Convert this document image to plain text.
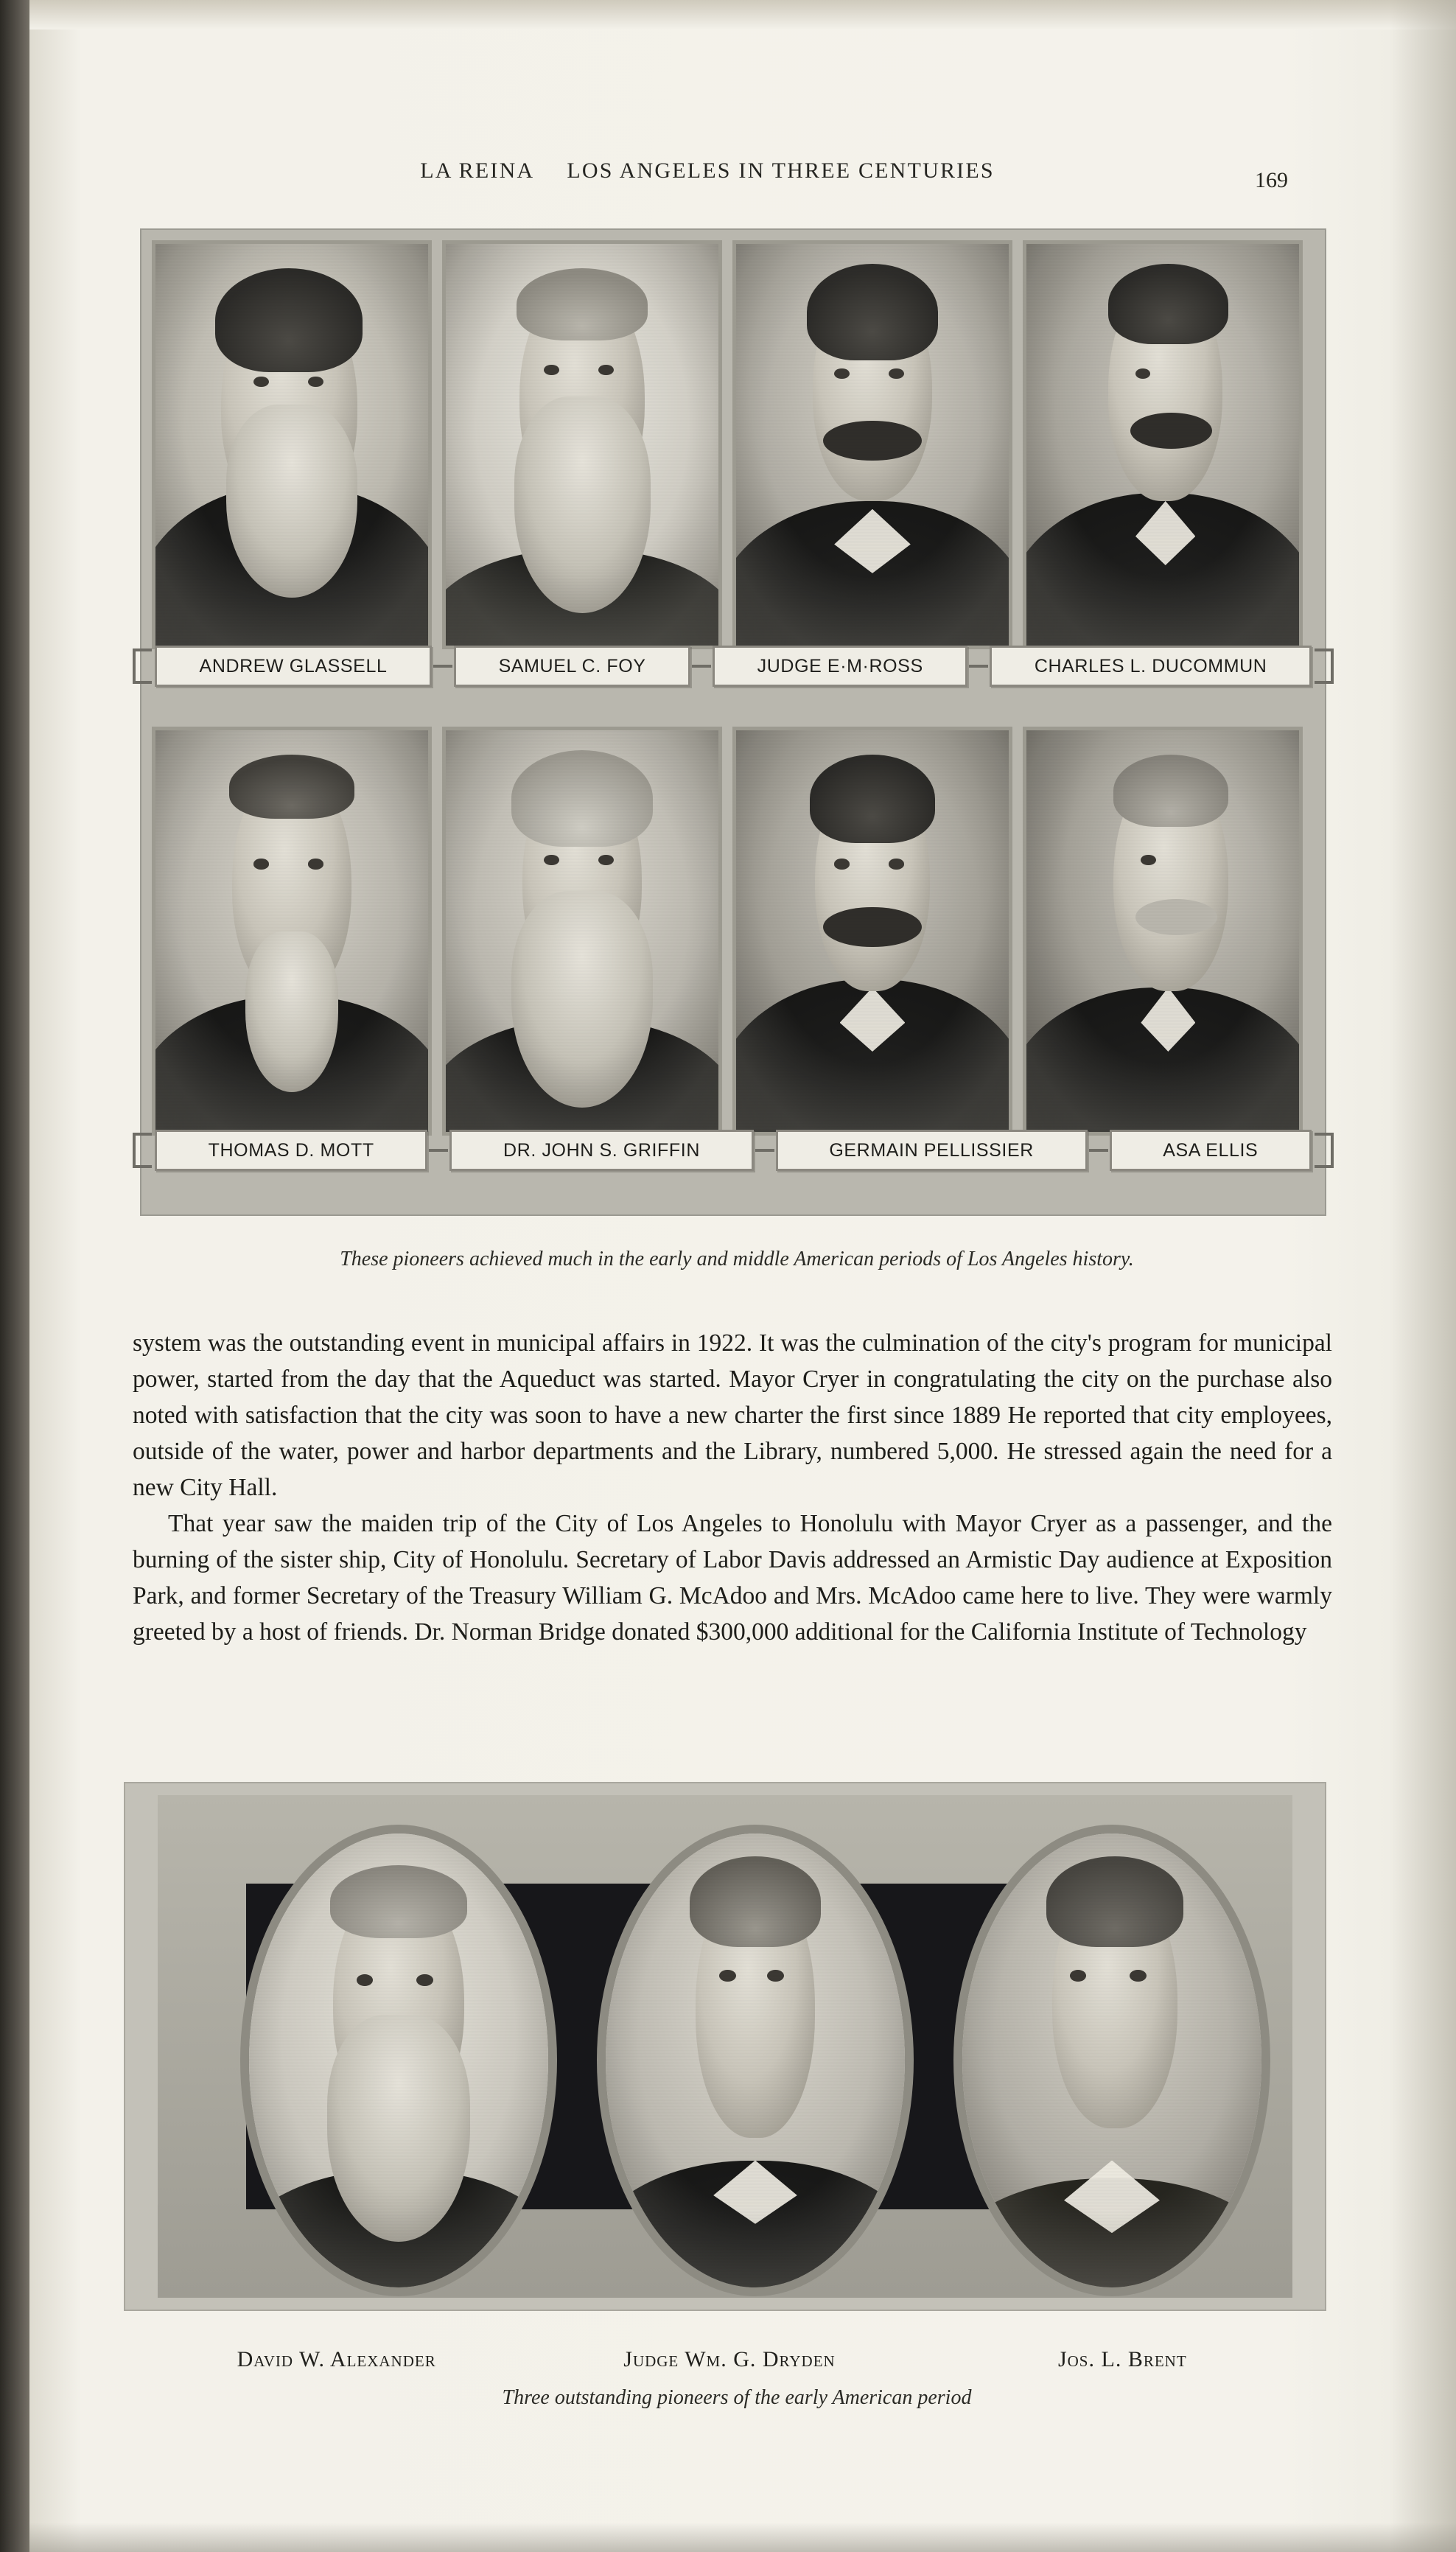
LA REINA LOS ANGELES IN THREE CENTURIES	169
ANDREW GLASSELL	SAMUEL C. FOY	JUDGE E·M·ROSS	CHARLES L. DUCOMMUN
THOMAS D. MOTT	DR. JOHN S. GRIFFIN	GERMAIN PELLISSIER	ASA ELLIS
These pioneers achieved much in the early and middle American periods of Los Angeles history.

system was the outstanding event in municipal affairs in 1922. It was the culmination of the city's program for municipal power, started from the day that the Aqueduct was started. Mayor Cryer in congratulating the city on the purchase also noted with satisfaction that the city was soon to have a new charter the first since 1889 He reported that city employees, outside of the water, power and harbor departments and the Library, numbered 5,000. He stressed again the need for a new City Hall.

That year saw the maiden trip of the City of Los Angeles to Honolulu with Mayor Cryer as a passenger, and the burning of the sister ship, City of Honolulu. Secretary of Labor Davis addressed an Armistic Day audience at Exposition Park, and former Secretary of the Treasury William G. McAdoo and Mrs. McAdoo came here to live. They were warmly greeted by a host of friends. Dr. Norman Bridge donated $300,000 additional for the California Institute of Technology

David W. Alexander	Judge Wm. G. Dryden	Jos. L. Brent
Three outstanding pioneers of the early American period
